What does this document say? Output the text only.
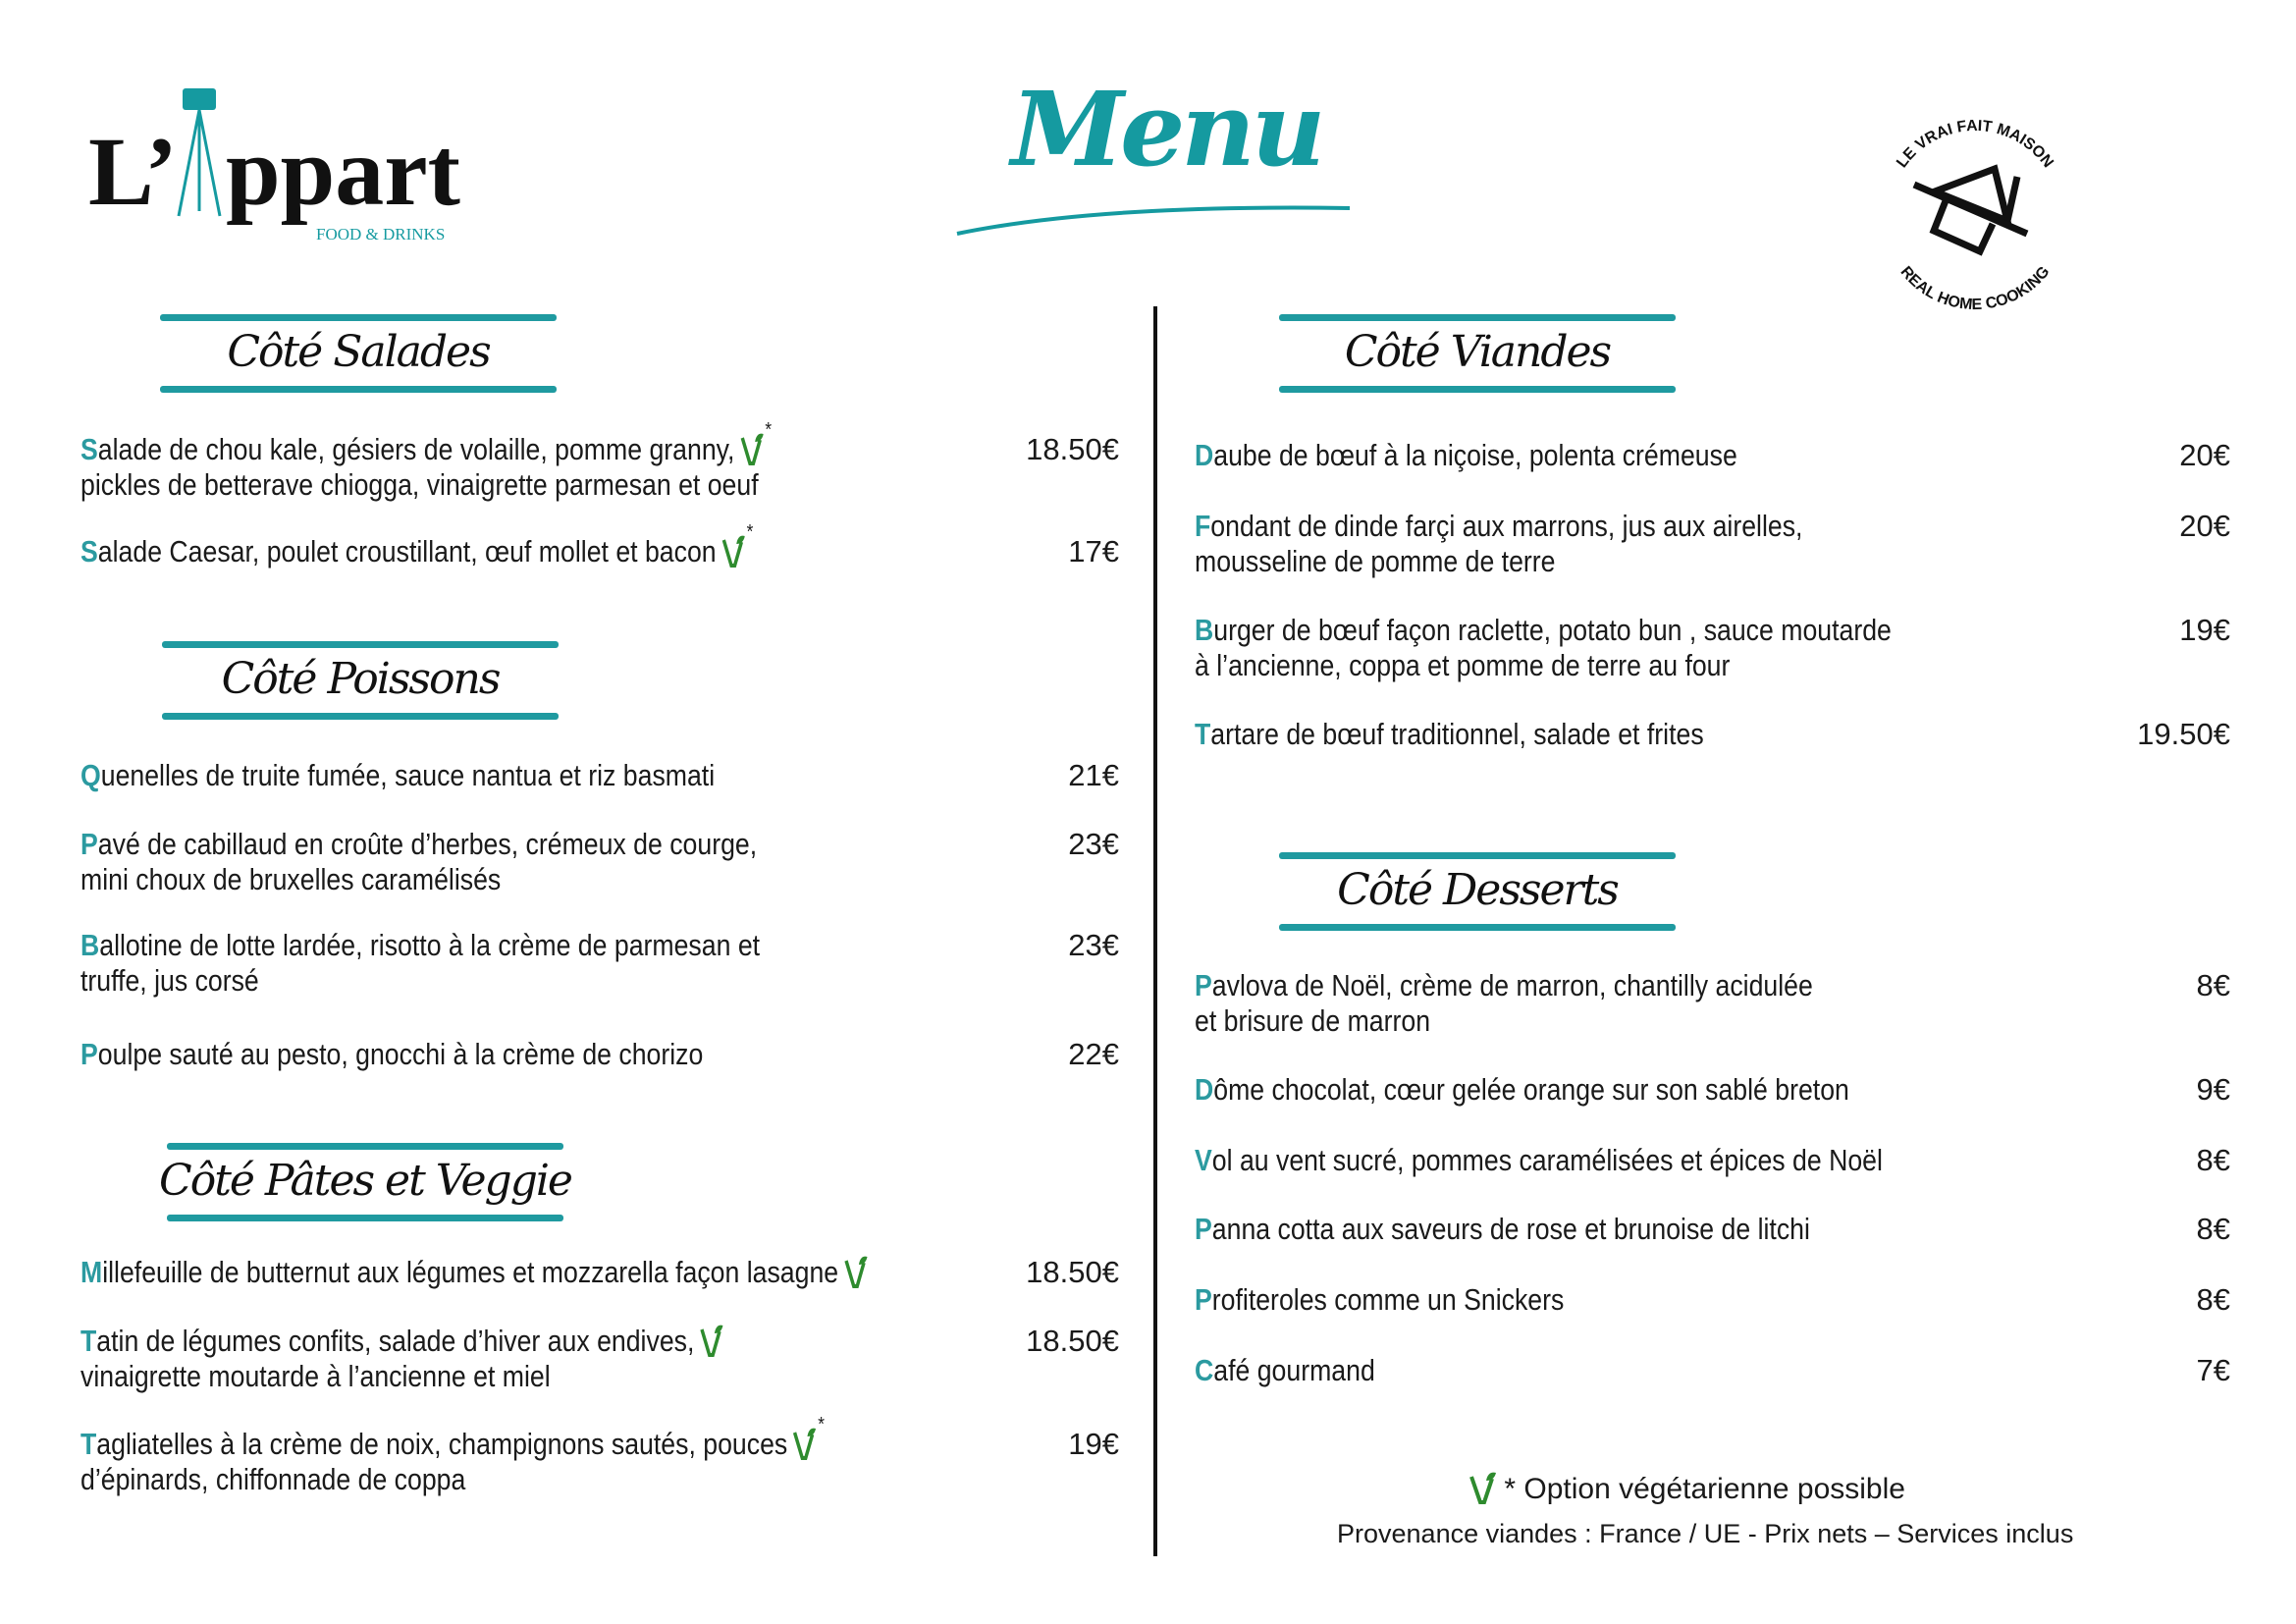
L’ ppart
FOOD & DRINKS
Menu	LE VRAI FAIT MAISON
REAL HOME COOKING
Côté Salades
Salade de chou kale, gésiers de volaille, pomme granny,
*
pickles de betterave chiogga, vinaigrette parmesan et oeuf
18.50€
Salade Caesar, poulet croustillant, œuf mollet et bacon
*
17€
Côté Poissons
Quenelles de truite fumée, sauce nantua et riz basmati	21€
Pavé de cabillaud en croûte d’herbes, crémeux de courge,
mini choux de bruxelles caramélisés
23€
Ballotine de lotte lardée, risotto à la crème de parmesan et
truffe, jus corsé
23€
Poulpe sauté au pesto, gnocchi à la crème de chorizo	22€
Côté Pâtes et Veggie
Millefeuille de butternut aux légumes et mozzarella façon lasagne	18.50€
Tatin de légumes confits, salade d’hiver aux endives,
vinaigrette moutarde à l’ancienne et miel
18.50€
Tagliatelles à la crème de noix, champignons sautés, pouces
*
d’épinards, chiffonnade de coppa
19€
Côté Viandes
Daube de bœuf à la niçoise, polenta crémeuse	20€
Fondant de dinde farçi aux marrons, jus aux airelles,
mousseline de pomme de terre
20€
Burger de bœuf façon raclette, potato bun , sauce moutarde
à l’ancienne, coppa et pomme de terre au four
19€
Tartare de bœuf traditionnel, salade et frites	19.50€
Côté Desserts
Pavlova de Noël, crème de marron, chantilly acidulée
et brisure de marron
8€
Dôme chocolat, cœur gelée orange sur son sablé breton	9€
Vol au vent sucré, pommes caramélisées et épices de Noël	8€
Panna cotta aux saveurs de rose et brunoise de litchi	8€
Profiteroles comme un Snickers	8€
Café gourmand	7€
* Option végétarienne possible
Provenance viandes : France / UE - Prix nets – Services inclus
